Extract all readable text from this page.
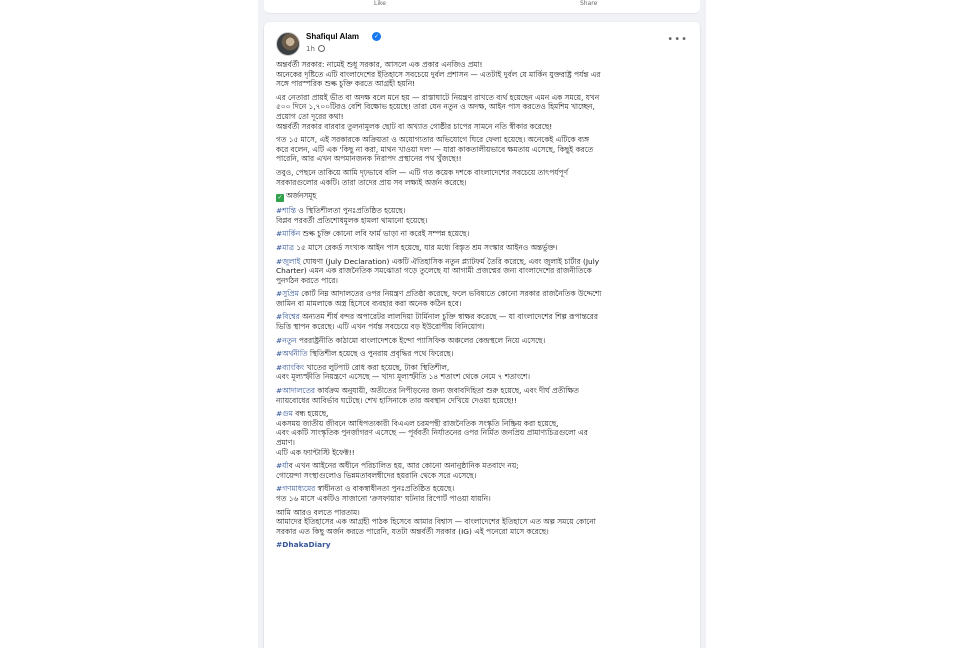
Like	Share
Shafiqul Alam	✓
1h
•••
অন্তর্বর্তী সরকার: নামেই শুধু সরকার, আসলে এক প্রকার এনজিও প্রমা!
অনেকের দৃষ্টিতে এটি বাংলাদেশের ইতিহাসে সবচেয়ে দুর্বল প্রশাসন — এতটাই দুর্বল যে মার্কিন যুক্তরাষ্ট্র পর্যন্ত এর
সঙ্গে পারস্পরিক শুল্ক চুক্তি করতে আগ্রহী হয়নি!
এর নেতারা প্রায়ই ভীত বা অদক্ষ বলে মনে হয় — রাস্তাঘাটে নিয়ন্ত্রণ রাখতে ব্যর্থ হয়েছেন এমন এক সময়ে, যখন
৫০০ দিনে ১,৭০০টিরও বেশি বিক্ষোভ হয়েছে! তারা যেন নতুন ও অদক্ষ, আইন পাস করতেও হিমশিম খাচ্ছেন,
প্রয়োগ তো দূরের কথা!
অন্তর্বর্তী সরকার বারবার তুলনামূলক ছোট বা অখ্যাত গোষ্ঠীর চাপের সামনে নতি স্বীকার করেছে!
গত ১৫ মাসে, এই সরকারকে অক্রিয়তা ও অযোগ্যতার অভিযোগে ঘিরে ফেলা হয়েছে। অনেকেই এটিকে ব্যঙ্গ
করে বলেন, এটি এক 'কিছু না করা, মাথন খাওয়া দল' — যারা কাকতালীয়ভাবে ক্ষমতায় এসেছে, কিছুই করতে
পারেনি, আর এখন অপমানজনক নিরাপদ প্রস্থানের পথ খুঁজছে!!
তবুও, পেছনে তাকিয়ে আমি দৃঢ়ভাবে বলি — এটি গত কয়েক দশকে বাংলাদেশের সবচেয়ে তাৎপর্যপূর্ণ
সরকারগুলোর একটি। তারা তাদের প্রায় সব লক্ষ্যই অর্জন করেছে।
✓ অর্জনসমূহ
#শান্তি ও স্থিতিশীলতা পুনঃপ্রতিষ্ঠিত হয়েছে।
বিপ্লব পরবর্তী প্রতিশোধমূলক হামলা থামানো হয়েছে।
#মার্কিন শুল্ক চুক্তি কোনো লবি ফার্ম ভাড়া না করেই সম্পন্ন হয়েছে।
#মাত্র ১৫ মাসে রেকর্ড সংখ্যক আইন পাস হয়েছে, যার মধ্যে বিস্তৃত শ্রম সংস্কার আইনও অন্তর্ভুক্ত।
#জুলাই ঘোষণা (July Declaration) একটি ঐতিহাসিক নতুন প্ল্যাটফর্ম তৈরি করেছে, এবং জুলাই চার্টার (July
Charter) এমন এক রাজনৈতিক সমঝোতা গড়ে তুলেছে যা আগামী প্রজন্মের জন্য বাংলাদেশের রাজনীতিকে
পুনর্গঠন করতে পারে।
#সুপ্রিম কোর্ট নিম্ন আদালতের ওপর নিয়ন্ত্রণ প্রতিষ্ঠা করেছে, ফলে ভবিষ্যতে কোনো সরকার রাজনৈতিক উদ্দেশ্যে
জামিন বা মামলাকে অস্ত্র হিসেবে ব্যবহার করা অনেক কঠিন হবে।
#বিশ্বের অন্যতম শীর্ষ বন্দর অপারেটর লালদিয়া টার্মিনাল চুক্তি স্বাক্ষর করেছে — যা বাংলাদেশের শিল্প রূপান্তরের
ভিত্তি স্থাপন করেছে। এটি এখন পর্যন্ত সবচেয়ে বড় ইউরোপীয় বিনিয়োগ।
#নতুন পররাষ্ট্রনীতি কাঠামো বাংলাদেশকে ইন্দো প্যাসিফিক অঞ্চলের কেন্দ্রস্থলে নিয়ে এসেছে।
#অর্থনীতি স্থিতিশীল হয়েছে ও পুনরায় প্রবৃদ্ধির পথে ফিরেছে।
#ব্যাংকিং খাতের লুটপাট রোধ করা হয়েছে, টাকা স্থিতিশীল,
এবং মূল্যস্ফীতি নিয়ন্ত্রণে এসেছে — খাদ্য মূল্যস্ফীতি ১৪ শতাংশ থেকে নেমে ৭ শতাংশে।
#আদালতের কার্যক্রম অনুযায়ী, অতীতের নিপীড়নের জন্য জবাবদিহিতা শুরু হয়েছে, এবং দীর্ঘ প্রতীক্ষিত
ন্যায়বোধের আবির্ভাব ঘটেছে। শেখ হাসিনাকে তার অবস্থান দেখিয়ে দেওয়া হয়েছে!!
#গুম বন্ধ হয়েছে,
একসময় জাতীয় জীবনে আধিপত্যকারী বিএএল চরমপন্থী রাজনৈতিক সংস্কৃতি নিষ্ক্রিয় করা হয়েছে,
এবং একটি সাংস্কৃতিক পুনর্জাগরণ এসেছে — পূর্ববর্তী নির্যাতনের ওপর নির্মিত জনপ্রিয় প্রামাণ্যচিত্রগুলো এর
প্রমাণ।
এটি এক ফ্যান্টাস্টি ইফেক্ট!!
#র্যাব এখন আইনের অধীনে পরিচালিত হয়, আর কোনো অনানুষ্ঠানিক মতবাদে নয়;
গোয়েন্দা সংস্থাগুলোও ভিন্নমতাবলম্বীদের হয়রানি থেকে সরে এসেছে।
#গণমাধ্যমের স্বাধীনতা ও বাকস্বাধীনতা পুনঃপ্রতিষ্ঠিত হয়েছে।
গত ১৬ মাসে একটিও সাজানো 'ক্রসফায়ার' ঘটনার রিপোর্ট পাওয়া যায়নি।
আমি আরও বলতে পারতাম।
আমাদের ইতিহাসের এক আগ্রহী পাঠক হিসেবে আমার বিশ্বাস — বাংলাদেশের ইতিহাসে এত অল্প সময়ে কোনো
সরকার এত কিছু অর্জন করতে পারেনি, যতটা অন্তর্বর্তী সরকার (IG) এই পনেরো মাসে করেছে।
#DhakaDiary
